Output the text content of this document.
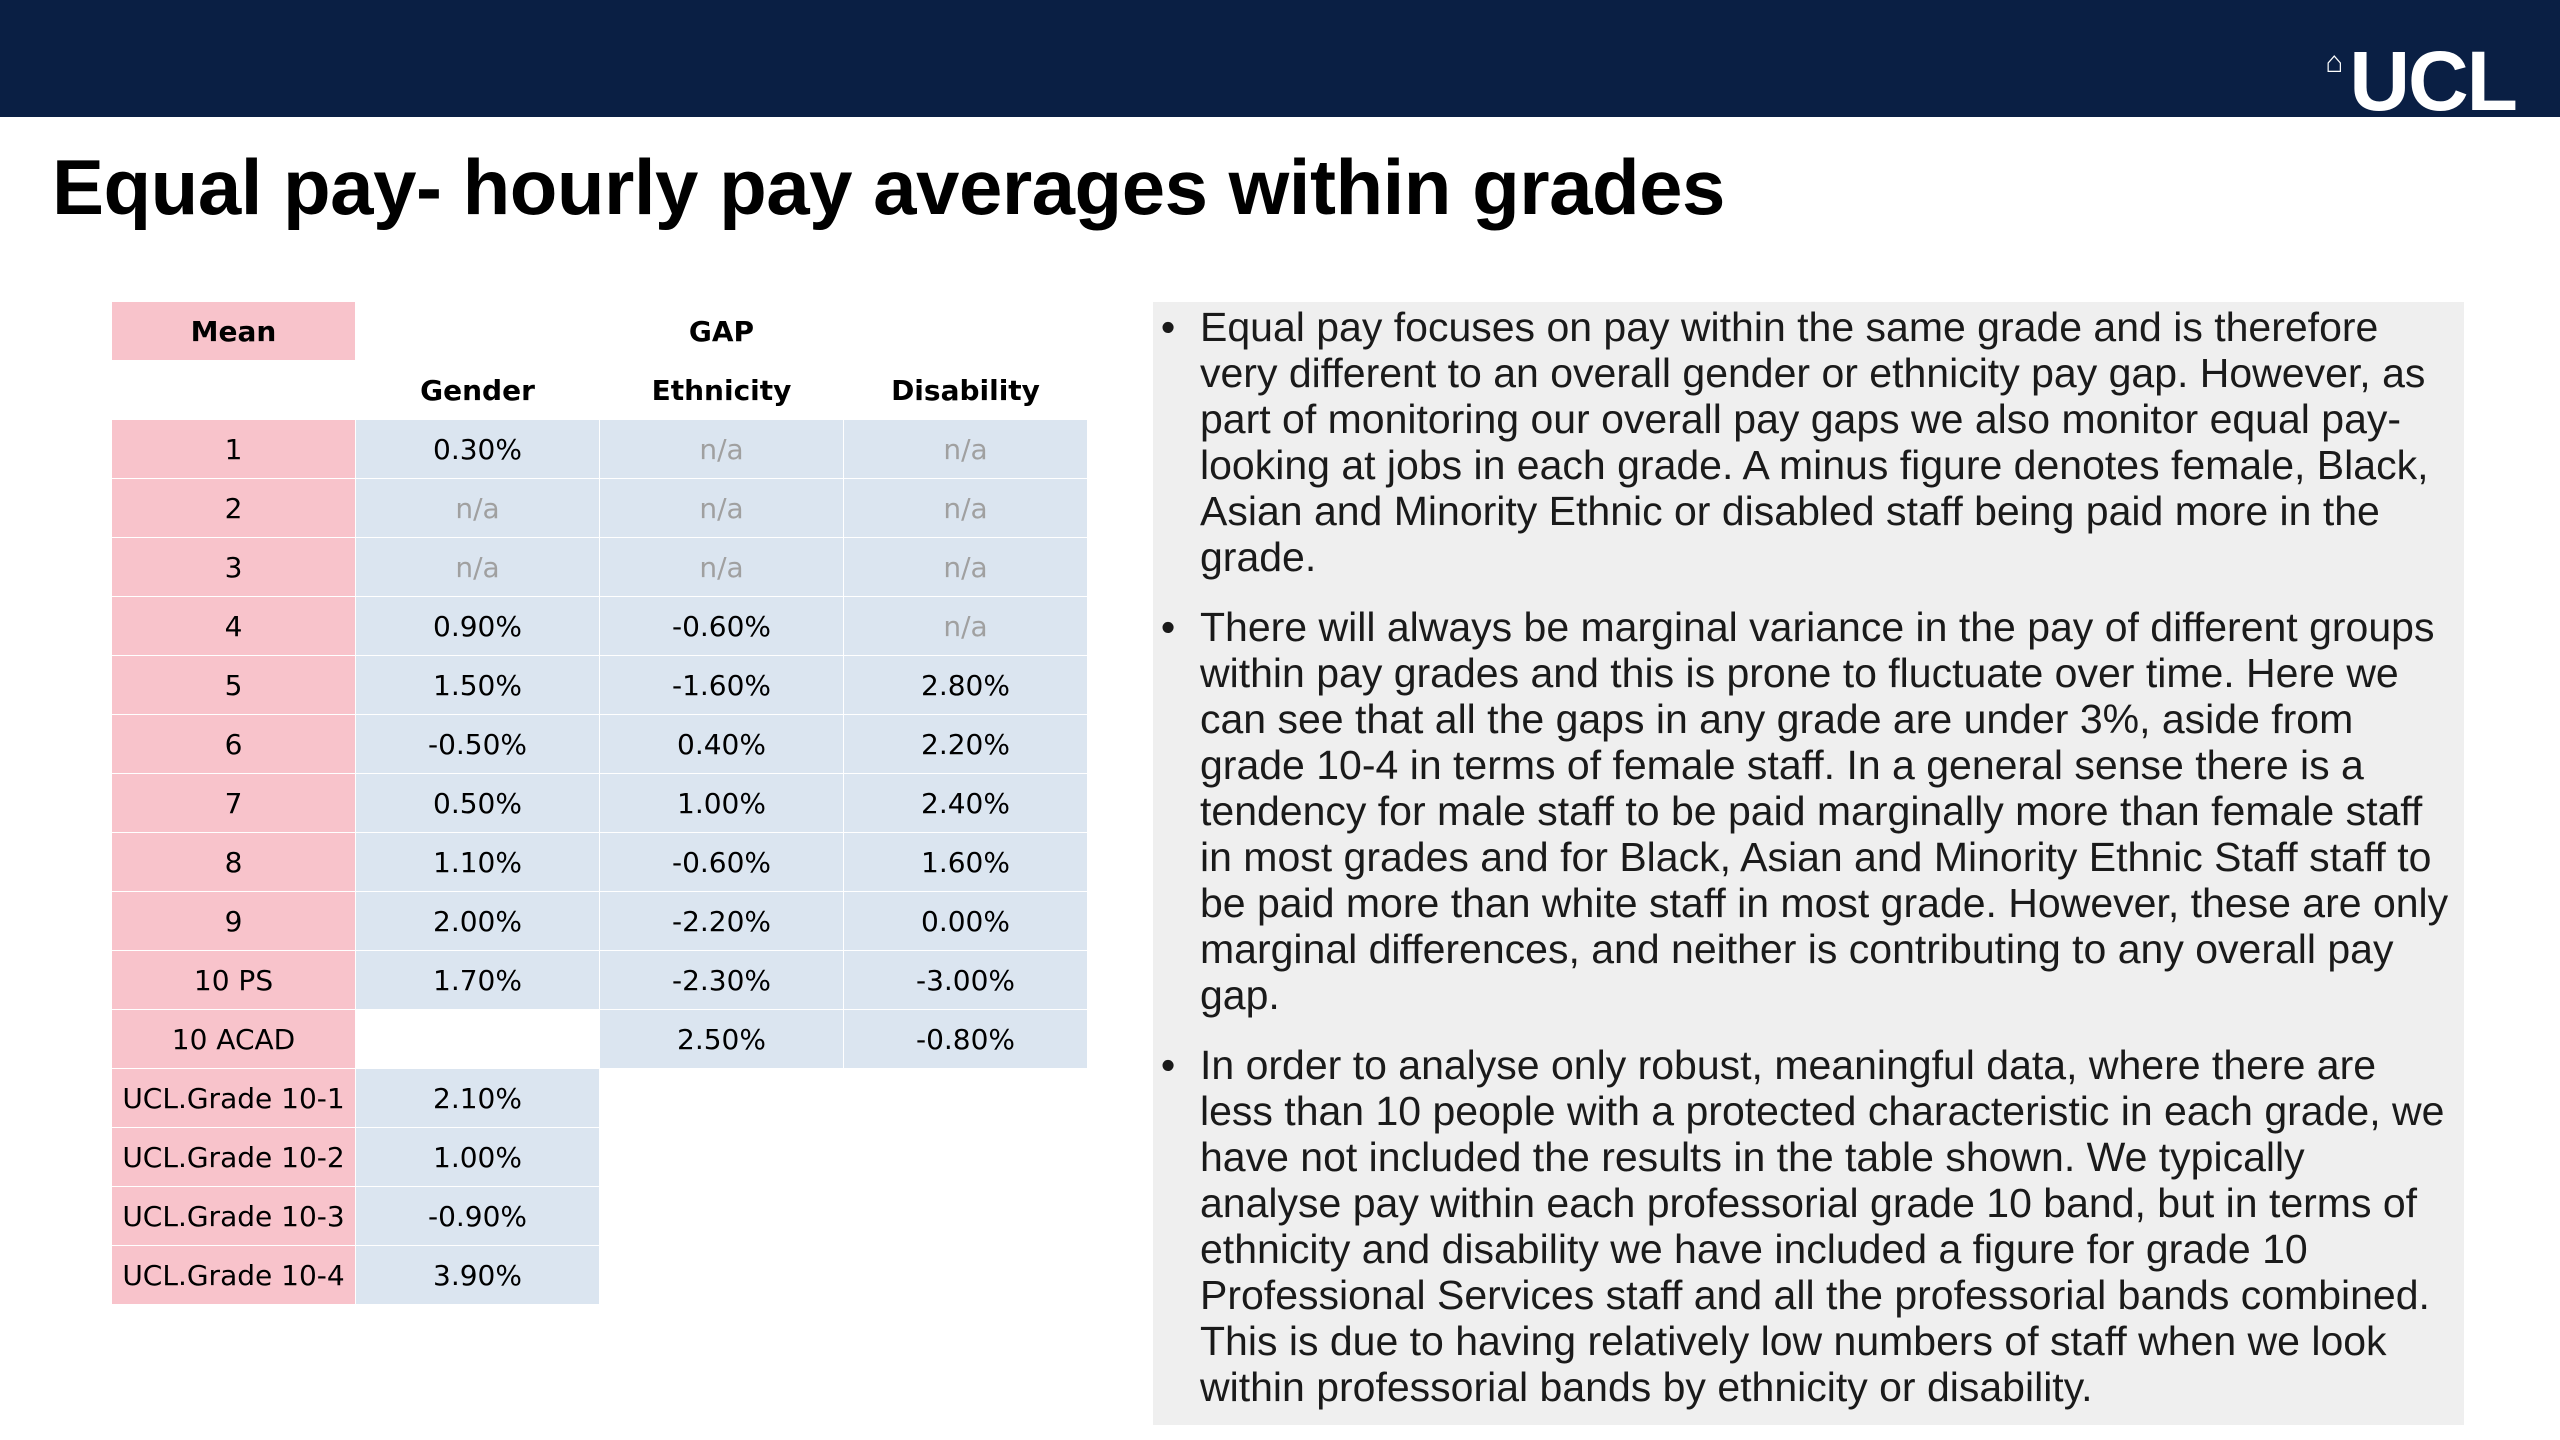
⌂ UCL
Equal pay- hourly pay averages within grades
Mean		GAP	
	Gender	Ethnicity	Disability
1	0.30%	n/a	n/a
2	n/a	n/a	n/a
3	n/a	n/a	n/a
4	0.90%	-0.60%	n/a
5	1.50%	-1.60%	2.80%
6	-0.50%	0.40%	2.20%
7	0.50%	1.00%	2.40%
8	1.10%	-0.60%	1.60%
9	2.00%	-2.20%	0.00%
10 PS	1.70%	-2.30%	-3.00%
10 ACAD		2.50%	-0.80%
UCL.Grade 10-1	2.10%		
UCL.Grade 10-2	1.00%		
UCL.Grade 10-3	-0.90%		
UCL.Grade 10-4	3.90%		
• Equal pay focuses on pay within the same grade and is therefore very different to an overall gender or ethnicity pay gap. However, as part of monitoring our overall pay gaps we also monitor equal pay- looking at jobs in each grade. A minus figure denotes female, Black, Asian and Minority Ethnic or disabled staff being paid more in the grade.
• There will always be marginal variance in the pay of different groups within pay grades and this is prone to fluctuate over time. Here we can see that all the gaps in any grade are under 3%, aside from grade 10-4 in terms of female staff. In a general sense there is a tendency for male staff to be paid marginally more than female staff in most grades and for Black, Asian and Minority Ethnic Staff staff to be paid more than white staff in most grade. However, these are only marginal differences, and neither is contributing to any overall pay gap.
• In order to analyse only robust, meaningful data, where there are less than 10 people with a protected characteristic in each grade, we have not included the results in the table shown. We typically analyse pay within each professorial grade 10 band, but in terms of ethnicity and disability we have included a figure for grade 10 Professional Services staff and all the professorial bands combined. This is due to having relatively low numbers of staff when we look within professorial bands by ethnicity or disability.
